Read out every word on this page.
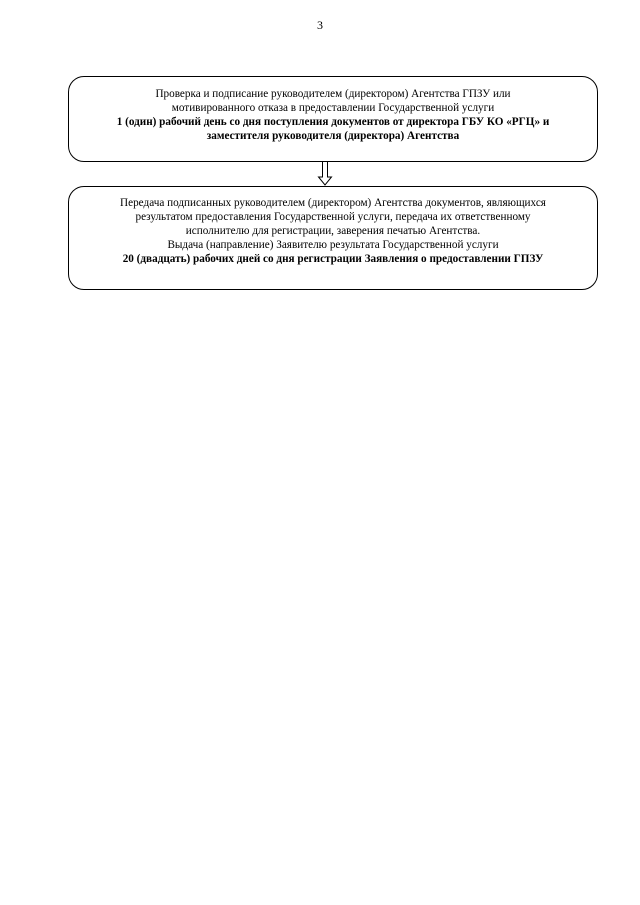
3
Проверка и подписание руководителем (директором) Агентства ГПЗУ или
мотивированного отказа в предоставлении Государственной услуги
1 (один) рабочий день со дня поступления документов от директора ГБУ КО «РГЦ» и
заместителя руководителя (директора) Агентства
Передача подписанных руководителем (директором) Агентства документов, являющихся
результатом предоставления Государственной услуги, передача их ответственному
исполнителю для регистрации, заверения печатью Агентства.
Выдача (направление) Заявителю результата Государственной услуги
20 (двадцать) рабочих дней со дня регистрации Заявления о предоставлении ГПЗУ
